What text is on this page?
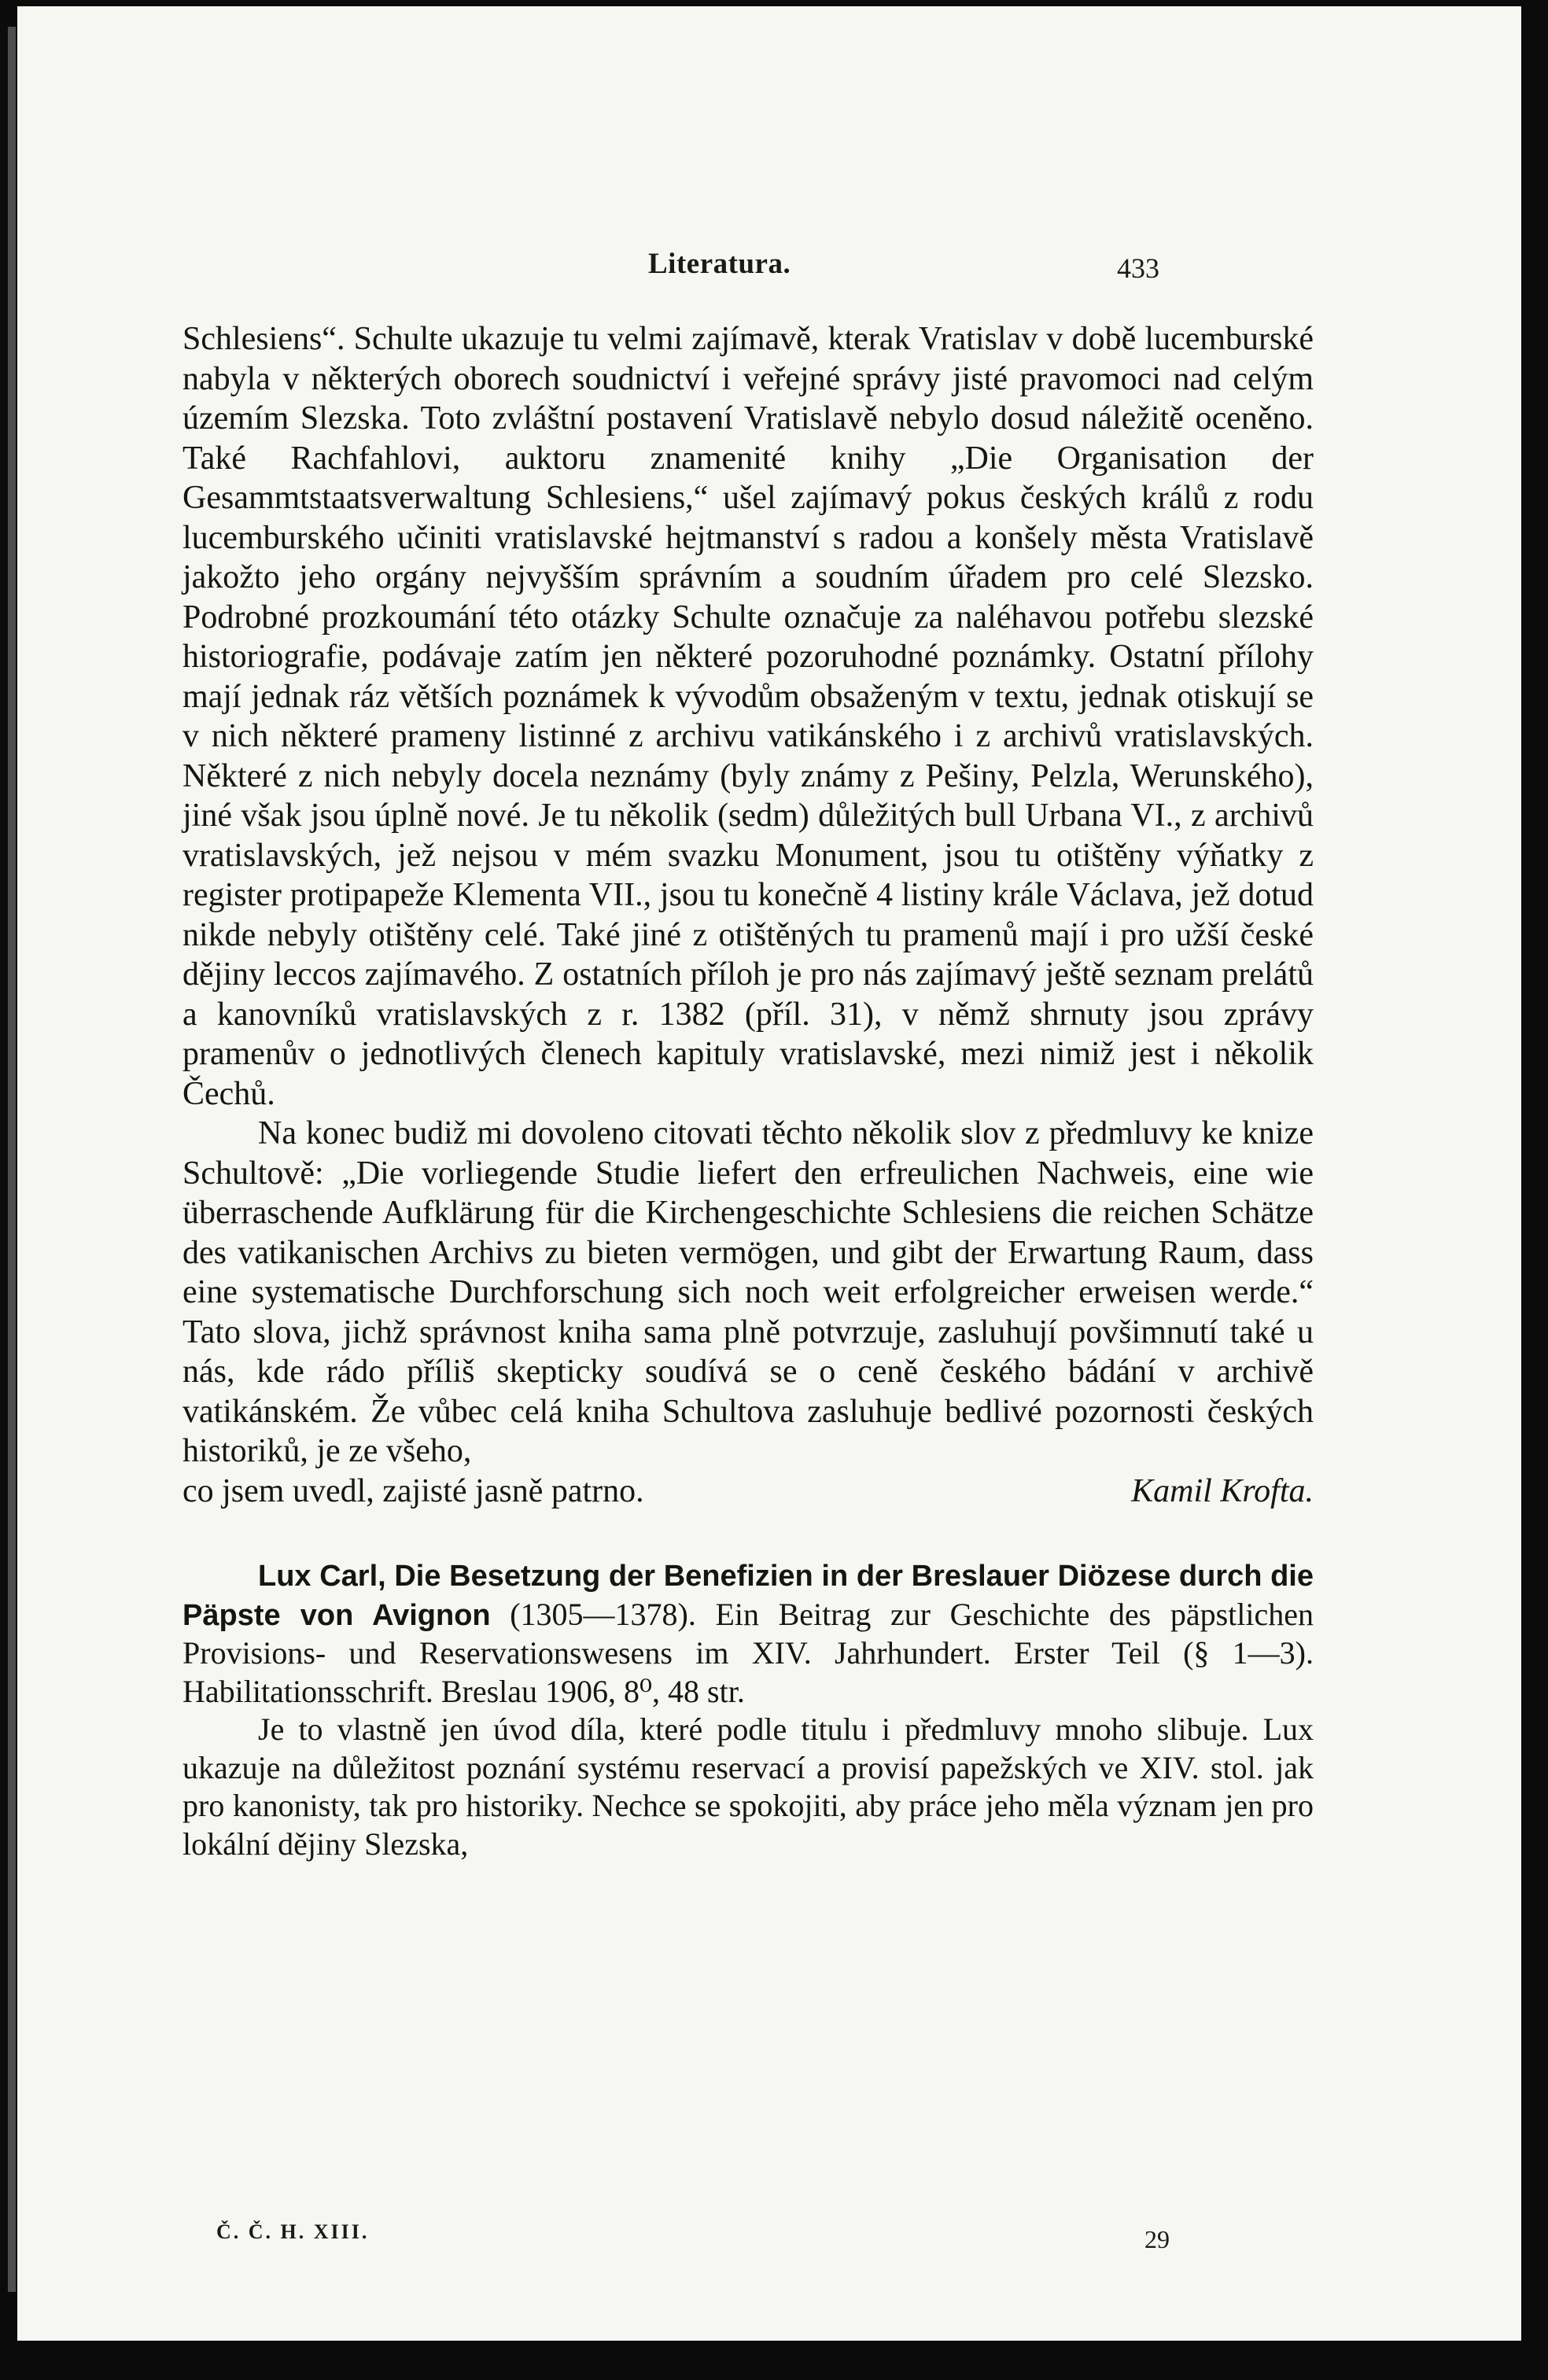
Literatura.	433

Schlesiens“. Schulte ukazuje tu velmi zajímavě, kterak Vratislav v době lucemburské nabyla v některých oborech soudnictví i veřejné správy jisté pravomoci nad celým územím Slezska. Toto zvláštní postavení Vratislavě nebylo dosud náležitě oceněno. Také Rachfahlovi, auktoru znamenité knihy „Die Organisation der Gesammtstaatsverwaltung Schlesiens,“ ušel zajímavý pokus českých králů z rodu lucemburského učiniti vratislavské hejtmanství s radou a konšely města Vratislavě jakožto jeho orgány nejvyšším správním a soudním úřadem pro celé Slezsko. Podrobné prozkoumání této otázky Schulte označuje za naléhavou potřebu slezské historiografie, podávaje zatím jen některé pozoruhodné poznámky. Ostatní přílohy mají jednak ráz větších poznámek k vývodům obsaženým v textu, jednak otiskují se v nich některé prameny listinné z archivu vatikánského i z archivů vratislavských. Některé z nich nebyly docela neznámy (byly známy z Pešiny, Pelzla, Werunského), jiné však jsou úplně nové. Je tu několik (sedm) důležitých bull Urbana VI., z archivů vratislavských, jež nejsou v mém svazku Monument, jsou tu otištěny výňatky z register protipapeže Klementa VII., jsou tu konečně 4 listiny krále Václava, jež dotud nikde nebyly otištěny celé. Také jiné z otištěných tu pramenů mají i pro užší české dějiny leccos zajímavého. Z ostatních příloh je pro nás zajímavý ještě seznam prelátů a kanovníků vratislavských z r. 1382 (příl. 31), v němž shrnuty jsou zprávy pramenův o jednotlivých členech kapituly vratislavské, mezi nimiž jest i několik Čechů.

Na konec budiž mi dovoleno citovati těchto několik slov z předmluvy ke knize Schultově: „Die vorliegende Studie liefert den erfreulichen Nachweis, eine wie überraschende Aufklärung für die Kirchengeschichte Schlesiens die reichen Schätze des vatikanischen Archivs zu bieten vermögen, und gibt der Erwartung Raum, dass eine systematische Durchforschung sich noch weit erfolgreicher erweisen werde.“ Tato slova, jichž správnost kniha sama plně potvrzuje, zasluhují povšimnutí také u nás, kde rádo příliš skepticky soudívá se o ceně českého bádání v archivě vatikánském. Že vůbec celá kniha Schultova zasluhuje bedlivé pozornosti českých historiků, je ze všeho,

co jsem uvedl, zajisté jasně patrno.	Kamil Krofta.

Lux Carl, Die Besetzung der Benefizien in der Breslauer Diözese durch die Päpste von Avignon (1305—1378). Ein Beitrag zur Geschichte des päpstlichen Provisions- und Reservationswesens im XIV. Jahrhundert. Erster Teil (§ 1—3). Habilitationsschrift. Breslau 1906, 8⁰, 48 str.

Je to vlastně jen úvod díla, které podle titulu i předmluvy mnoho slibuje. Lux ukazuje na důležitost poznání systému reservací a provisí papežských ve XIV. stol. jak pro kanonisty, tak pro historiky. Nechce se spokojiti, aby práce jeho měla význam jen pro lokální dějiny Slezska,

Č. Č. H. XIII.	29
